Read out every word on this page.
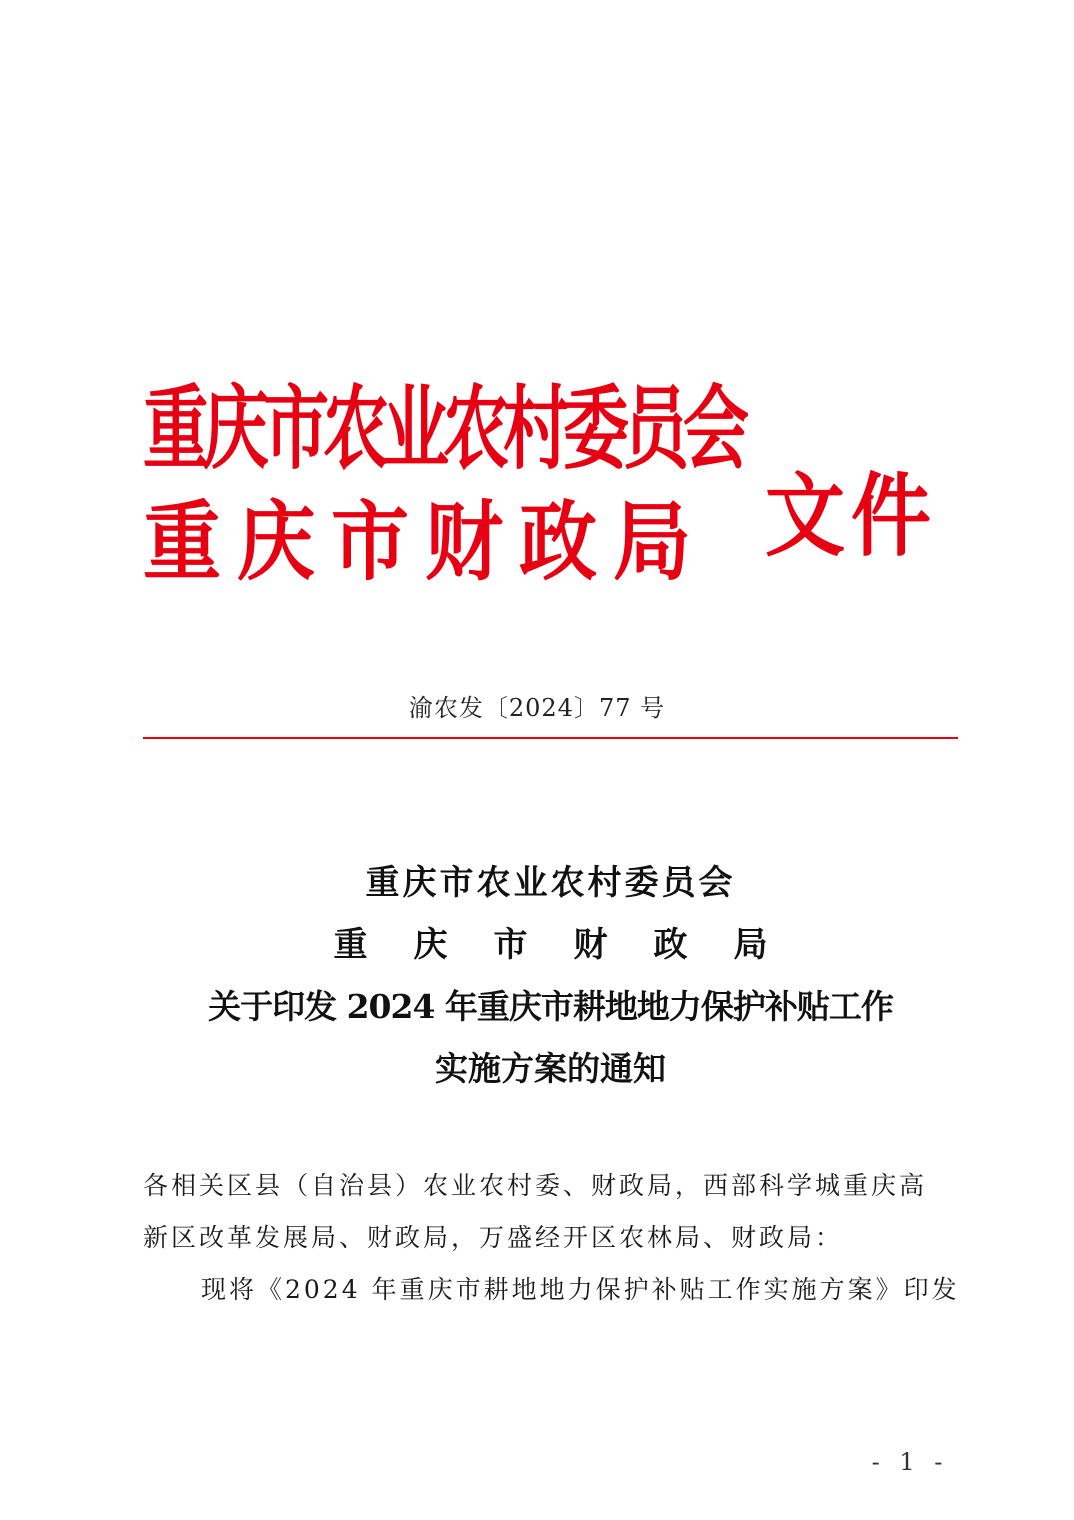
重庆市农业农村委员会
重庆市财政局 文件
渝农发〔2024〕77 号
重庆市农业农村委员会
重庆市财政局
关于印发 2024 年重庆市耕地地力保护补贴工作
实施方案的通知
各相关区县（自治县）农业农村委、财政局，西部科学城重庆高
新区改革发展局、财政局，万盛经开区农林局、财政局：
现将《2024 年重庆市耕地地力保护补贴工作实施方案》印发
- 1 -
